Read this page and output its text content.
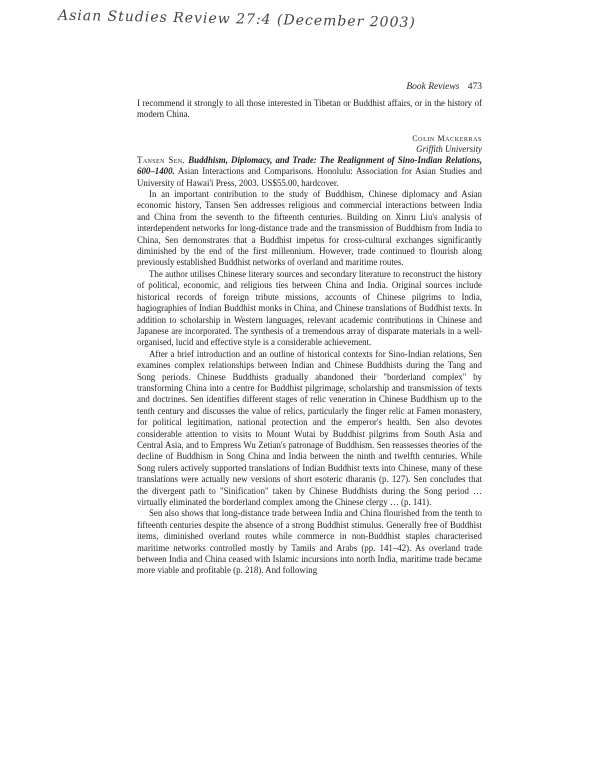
Asian Studies Review 27:4 (December 2003)
Book Reviews 473

I recommend it strongly to all those interested in Tibetan or Buddhist affairs, or in the history of modern China.

Colin Mackerras
Griffith University

Tansen Sen. Buddhism, Diplomacy, and Trade: The Realignment of Sino-Indian Relations, 600–1400. Asian Interactions and Comparisons. Honolulu: Association for Asian Studies and University of Hawai'i Press, 2003. US$55.00, hardcover.

In an important contribution to the study of Buddhism, Chinese diplomacy and Asian economic history, Tansen Sen addresses religious and commercial interactions between India and China from the seventh to the fifteenth centuries. Building on Xinru Liu's analysis of interdependent networks for long-distance trade and the transmission of Buddhism from India to China, Sen demonstrates that a Buddhist impetus for cross-cultural exchanges significantly diminished by the end of the first millennium. However, trade continued to flourish along previously established Buddhist networks of overland and maritime routes.

The author utilises Chinese literary sources and secondary literature to reconstruct the history of political, economic, and religious ties between China and India. Original sources include historical records of foreign tribute missions, accounts of Chinese pilgrims to India, hagiographies of Indian Buddhist monks in China, and Chinese translations of Buddhist texts. In addition to scholarship in Western languages, relevant academic contributions in Chinese and Japanese are incorporated. The synthesis of a tremendous array of disparate materials in a well-organised, lucid and effective style is a considerable achievement.

After a brief introduction and an outline of historical contexts for Sino-Indian relations, Sen examines complex relationships between Indian and Chinese Buddhists during the Tang and Song periods. Chinese Buddhists gradually abandoned their "borderland complex" by transforming China into a centre for Buddhist pilgrimage, scholarship and transmission of texts and doctrines. Sen identifies different stages of relic veneration in Chinese Buddhism up to the tenth century and discusses the value of relics, particularly the finger relic at Famen monastery, for political legitimation, national protection and the emperor's health. Sen also devotes considerable attention to visits to Mount Wutai by Buddhist pilgrims from South Asia and Central Asia, and to Empress Wu Zetian's patronage of Buddhism. Sen reassesses theories of the decline of Buddhism in Song China and India between the ninth and twelfth centuries. While Song rulers actively supported translations of Indian Buddhist texts into Chinese, many of these translations were actually new versions of short esoteric dharanis (p. 127). Sen concludes that the divergent path to "Sinification" taken by Chinese Buddhists during the Song period … virtually eliminated the borderland complex among the Chinese clergy … (p. 141).

Sen also shows that long-distance trade between India and China flourished from the tenth to fifteenth centuries despite the absence of a strong Buddhist stimulus. Generally free of Buddhist items, diminished overland routes while commerce in non-Buddhist staples characterised maritime networks controlled mostly by Tamils and Arabs (pp. 141–42). As overland trade between India and China ceased with Islamic incursions into north India, maritime trade became more viable and profitable (p. 218). And following
